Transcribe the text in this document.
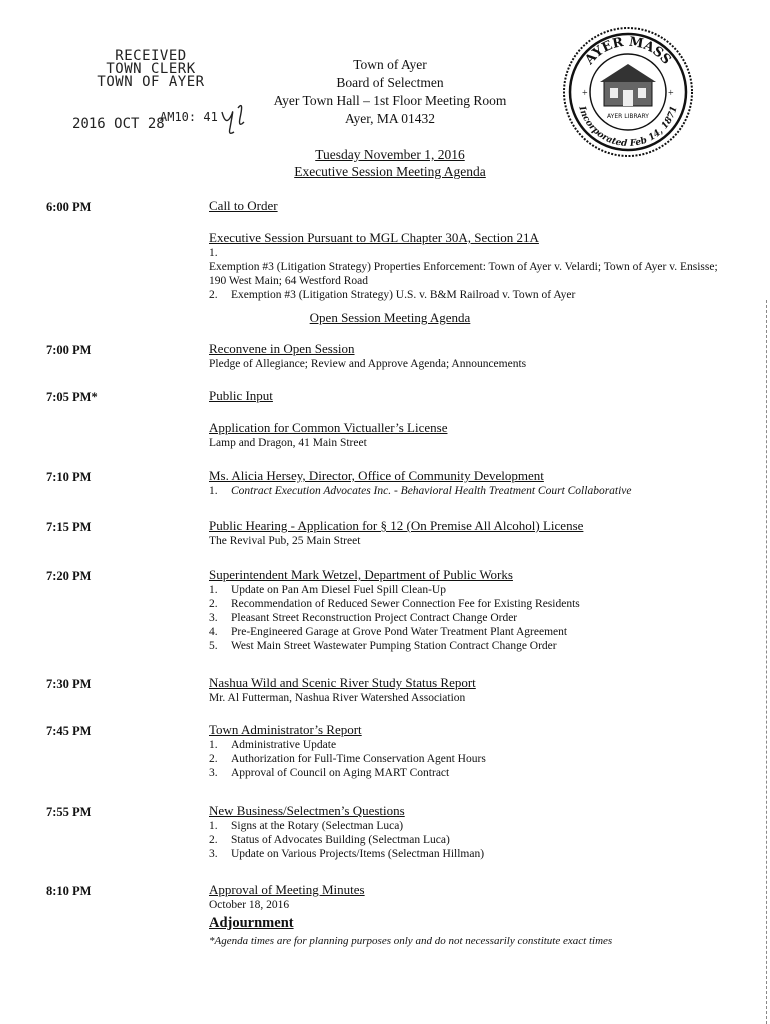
RECEIVED
TOWN CLERK
TOWN OF AYER
2016 OCT 28
AM10: 41
Town of Ayer
Board of Selectmen
Ayer Town Hall – 1st Floor Meeting Room
Ayer, MA 01432
Tuesday November 1, 2016
Executive Session Meeting Agenda
AYER MASS
Incorporated Feb 14, 1871
AYER LIBRARY
+	+
6:00 PM	Call to Order
Executive Session Pursuant to MGL Chapter 30A, Section 21A
1.Exemption #3 (Litigation Strategy) Properties Enforcement: Town of Ayer v. Velardi; Town of Ayer v. Ensisse; 190 West Main; 64 Westford Road
2. Exemption #3 (Litigation Strategy) U.S. v. B&M Railroad v. Town of Ayer
Open Session Meeting Agenda
7:00 PM	Reconvene in Open Session
Pledge of Allegiance; Review and Approve Agenda; Announcements
7:05 PM*	Public Input
Application for Common Victualler’s License
Lamp and Dragon, 41 Main Street
7:10 PM	Ms. Alicia Hersey, Director, Office of Community Development
1. Contract Execution Advocates Inc. - Behavioral Health Treatment Court Collaborative
7:15 PM	Public Hearing - Application for § 12 (On Premise All Alcohol) License
The Revival Pub, 25 Main Street
7:20 PM	Superintendent Mark Wetzel, Department of Public Works
1. Update on Pan Am Diesel Fuel Spill Clean-Up
2. Recommendation of Reduced Sewer Connection Fee for Existing Residents
3. Pleasant Street Reconstruction Project Contract Change Order
4. Pre-Engineered Garage at Grove Pond Water Treatment Plant Agreement
5. West Main Street Wastewater Pumping Station Contract Change Order
7:30 PM	Nashua Wild and Scenic River Study Status Report
Mr. Al Futterman, Nashua River Watershed Association
7:45 PM	Town Administrator’s Report
1. Administrative Update
2. Authorization for Full-Time Conservation Agent Hours
3. Approval of Council on Aging MART Contract
7:55 PM	New Business/Selectmen’s Questions
1. Signs at the Rotary (Selectman Luca)
2. Status of Advocates Building (Selectman Luca)
3. Update on Various Projects/Items (Selectman Hillman)
8:10 PM	Approval of Meeting Minutes
October 18, 2016
Adjournment
*Agenda times are for planning purposes only and do not necessarily constitute exact times
